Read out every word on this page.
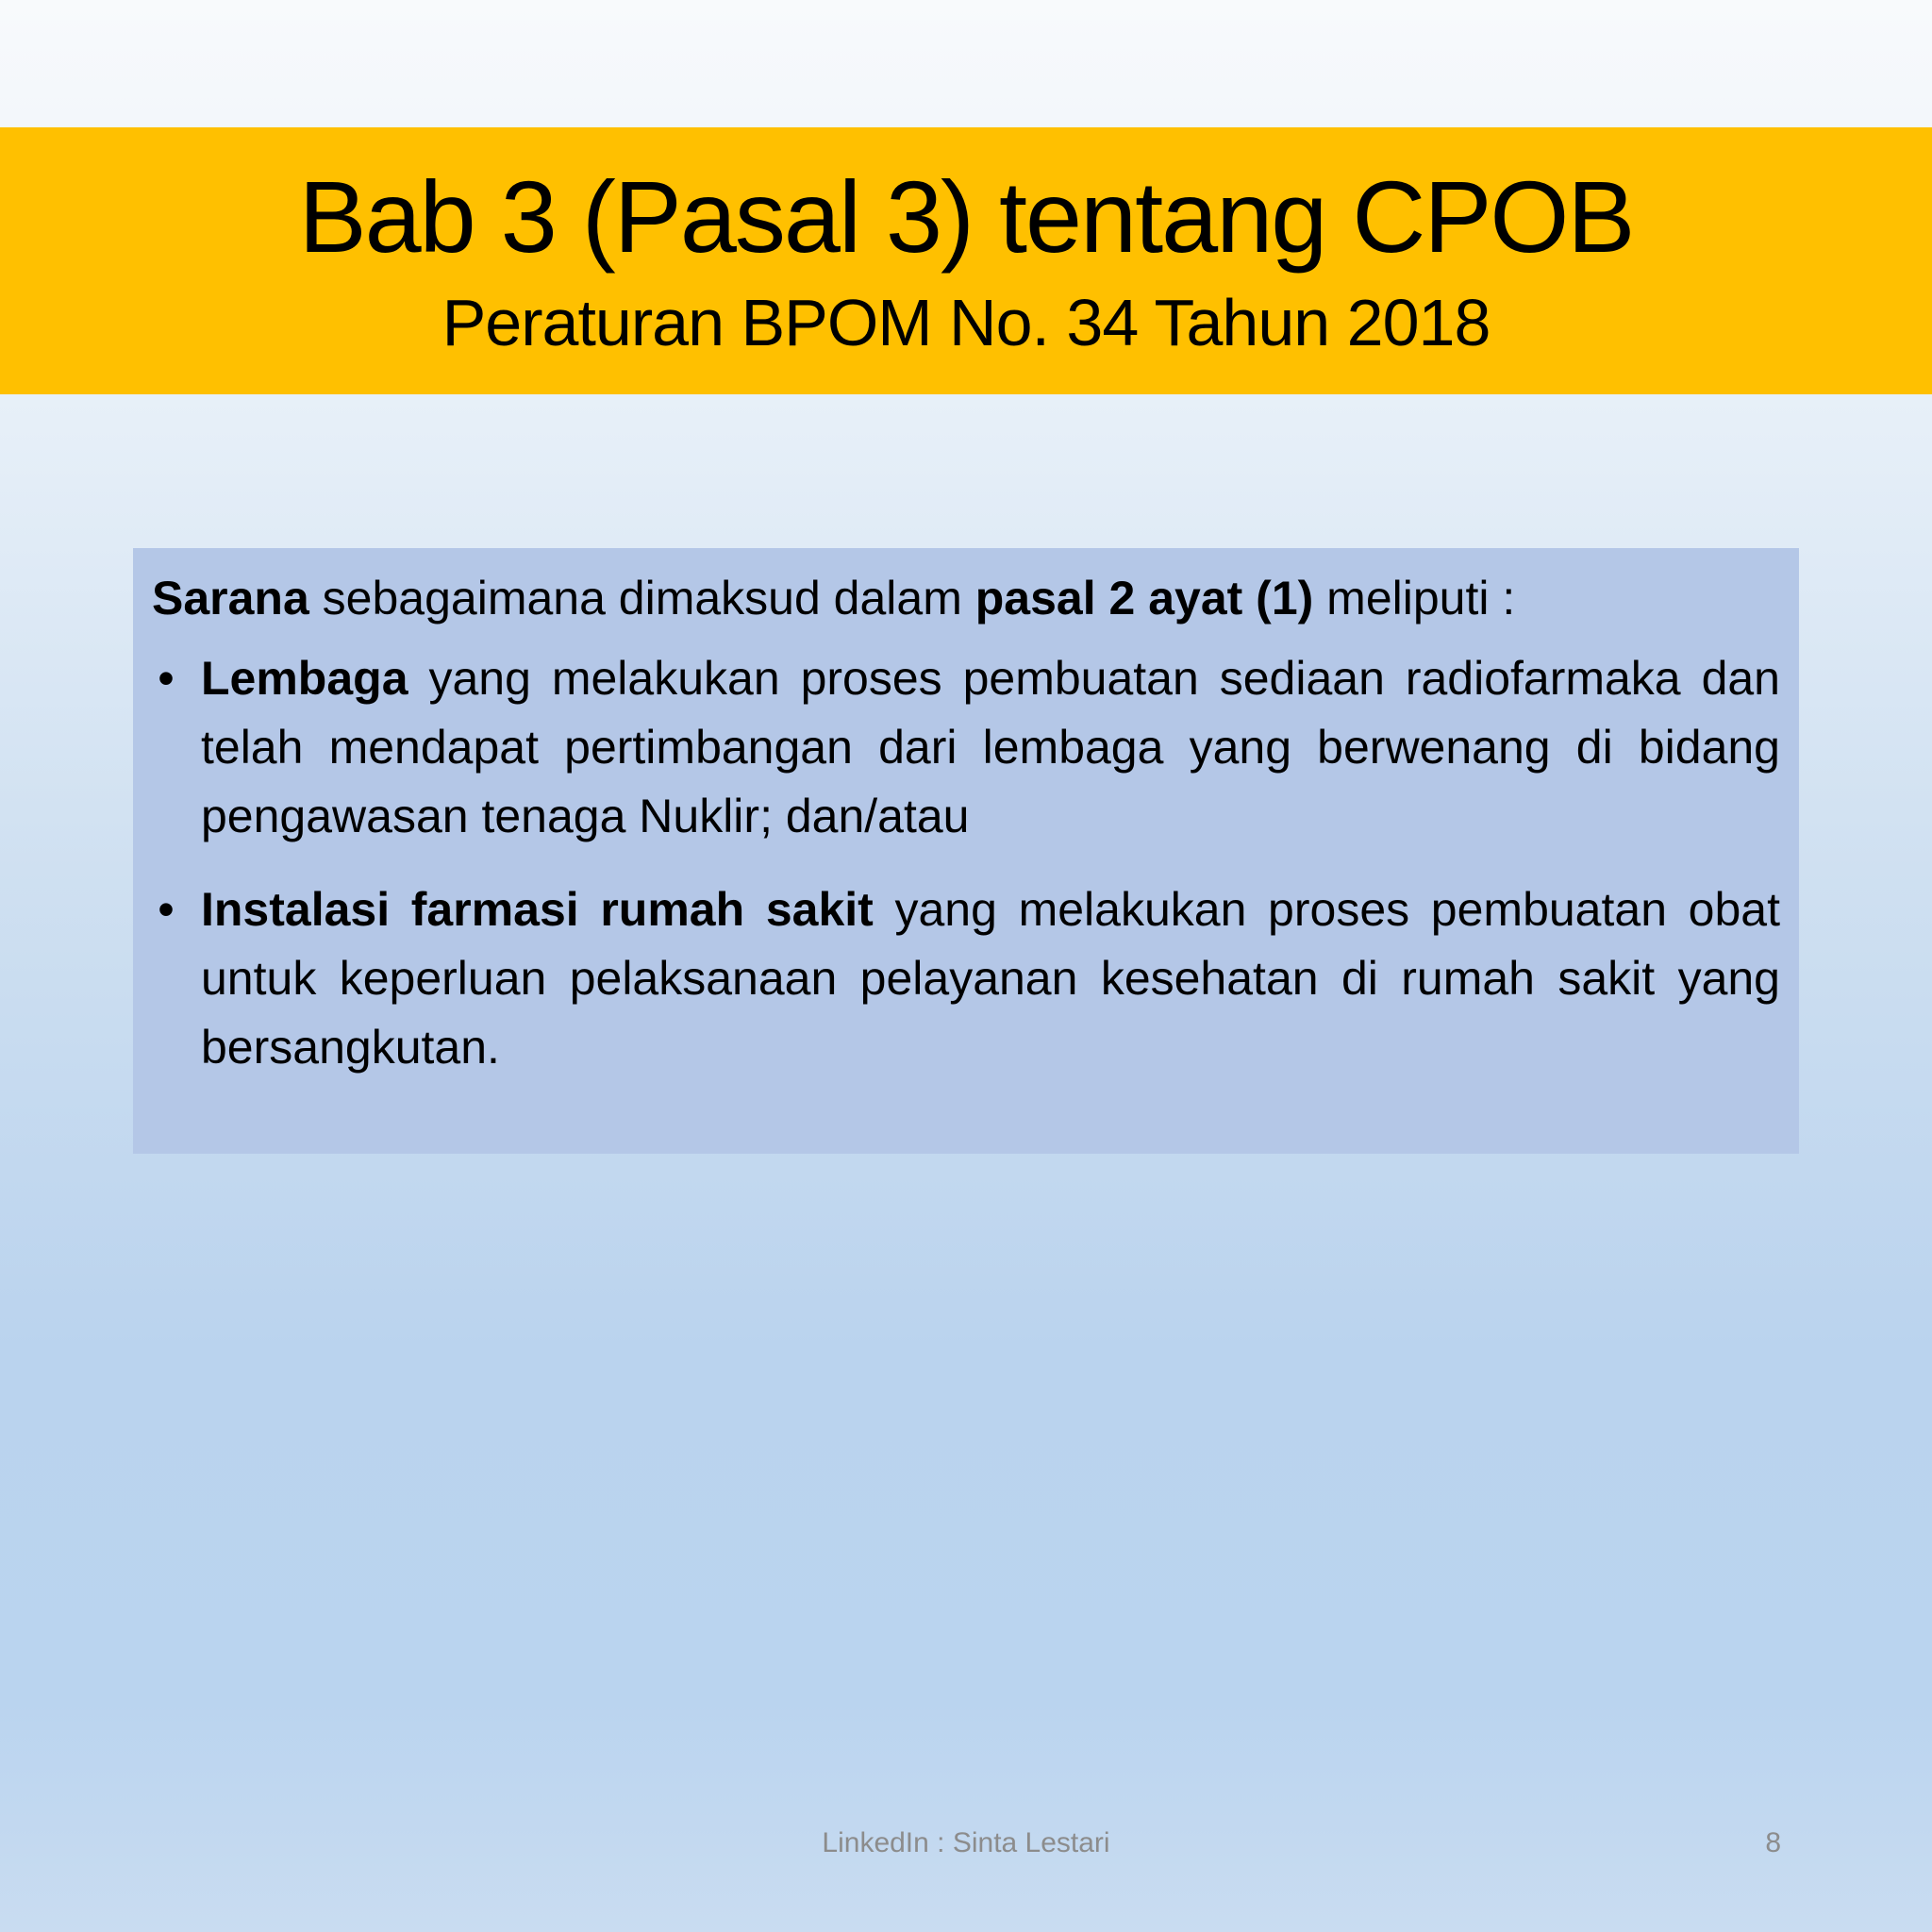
Bab 3 (Pasal 3) tentang CPOB
Peraturan BPOM No. 34 Tahun 2018

Sarana sebagaimana dimaksud dalam pasal 2 ayat (1) meliputi :

• Lembaga yang melakukan proses pembuatan sediaan radiofarmaka dan telah mendapat pertimbangan dari lembaga yang berwenang di bidang pengawasan tenaga Nuklir; dan/atau
• Instalasi farmasi rumah sakit yang melakukan proses pembuatan obat untuk keperluan pelaksanaan pelayanan kesehatan di rumah sakit yang bersangkutan.
LinkedIn : Sinta Lestari	8
